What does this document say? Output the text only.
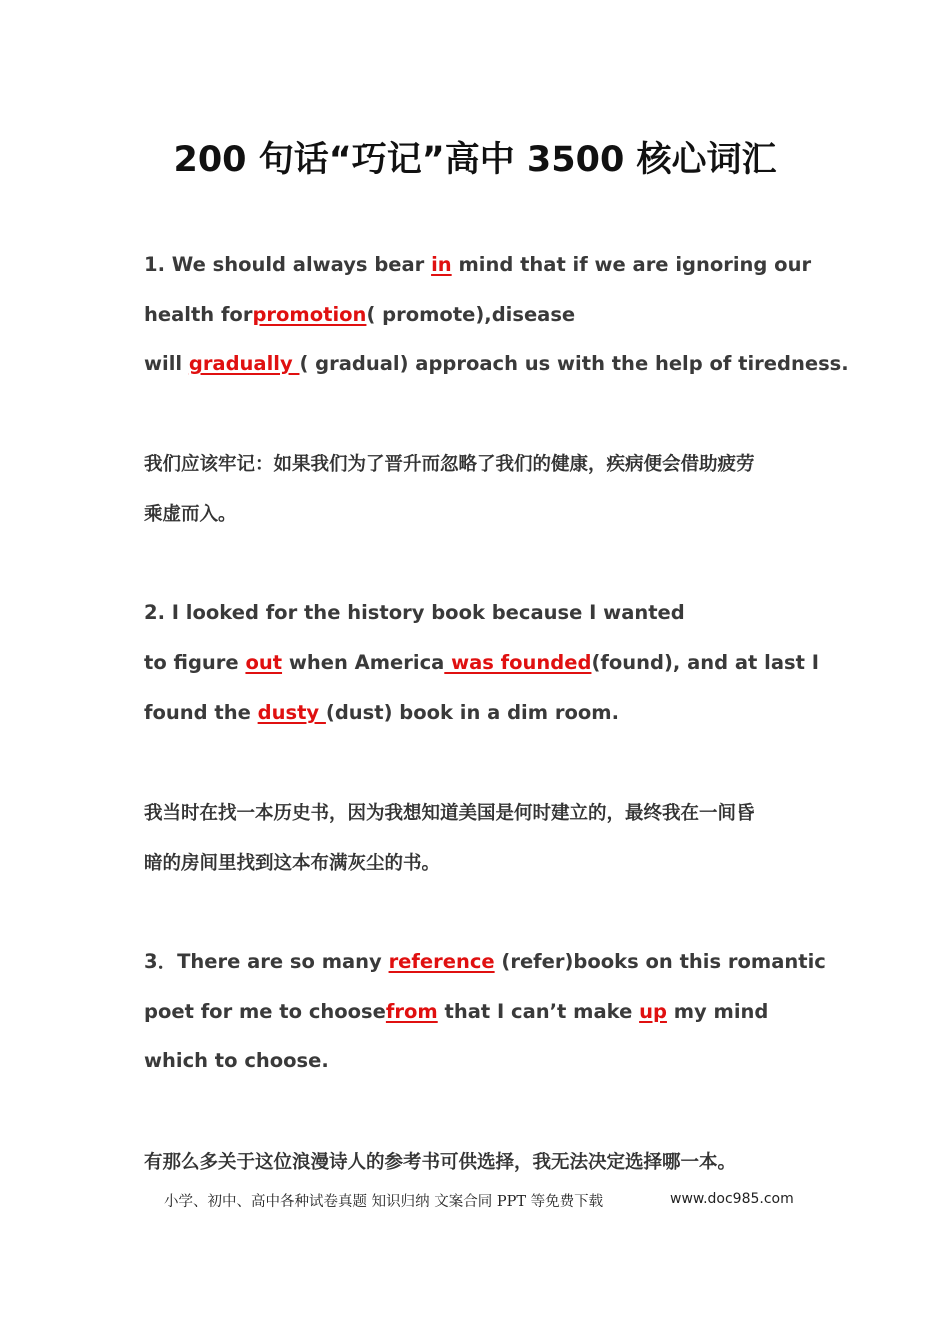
200 句话“巧记”高中 3500 核心词汇
1. We should always bear in mind that if we are ignoring our
health forpromotion( promote),disease
will gradually ( gradual) approach us with the help of tiredness.
我们应该牢记：如果我们为了晋升而忽略了我们的健康，疾病便会借助疲劳
乘虚而入。
2. I looked for the history book because I wanted
to figure out when America was founded(found), and at last I
found the dusty (dust) book in a dim room.
我当时在找一本历史书，因为我想知道美国是何时建立的，最终我在一间昏
暗的房间里找到这本布满灰尘的书。
3．There are so many reference (refer)books on this romantic
poet for me to choosefrom that I can’t make up my mind
which to choose.
有那么多关于这位浪漫诗人的参考书可供选择，我无法决定选择哪一本。
小学、初中、高中各种试卷真题 知识归纳 文案合同 PPT 等免费下载	www.doc985.com
